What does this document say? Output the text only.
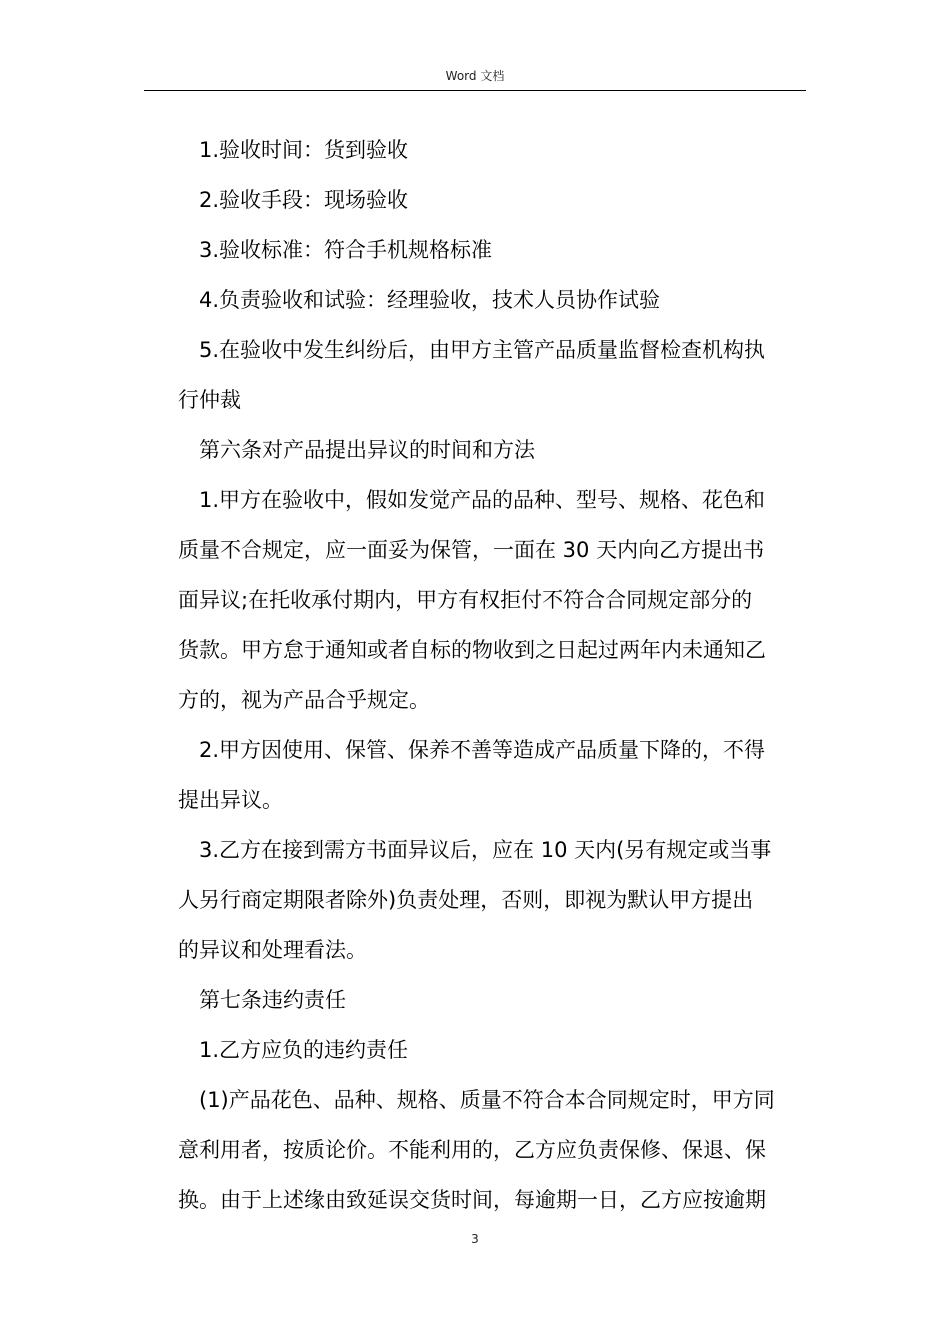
Word 文档

1.验收时间：货到验收

2.验收手段：现场验收

3.验收标准：符合手机规格标准

4.负责验收和试验：经理验收，技术人员协作试验

5.在验收中发生纠纷后，由甲方主管产品质量监督检查机构执
行仲裁

第六条对产品提出异议的时间和方法

1.甲方在验收中，假如发觉产品的品种、型号、规格、花色和
质量不合规定，应一面妥为保管，一面在 30 天内向乙方提出书
面异议;在托收承付期内，甲方有权拒付不符合合同规定部分的
货款。甲方怠于通知或者自标的物收到之日起过两年内未通知乙
方的，视为产品合乎规定。

2.甲方因使用、保管、保养不善等造成产品质量下降的，不得
提出异议。

3.乙方在接到需方书面异议后，应在 10 天内(另有规定或当事
人另行商定期限者除外)负责处理，否则，即视为默认甲方提出
的异议和处理看法。

第七条违约责任

1.乙方应负的违约责任

(1)产品花色、品种、规格、质量不符合本合同规定时，甲方同
意利用者，按质论价。不能利用的，乙方应负责保修、保退、保
换。由于上述缘由致延误交货时间，每逾期一日，乙方应按逾期

3
